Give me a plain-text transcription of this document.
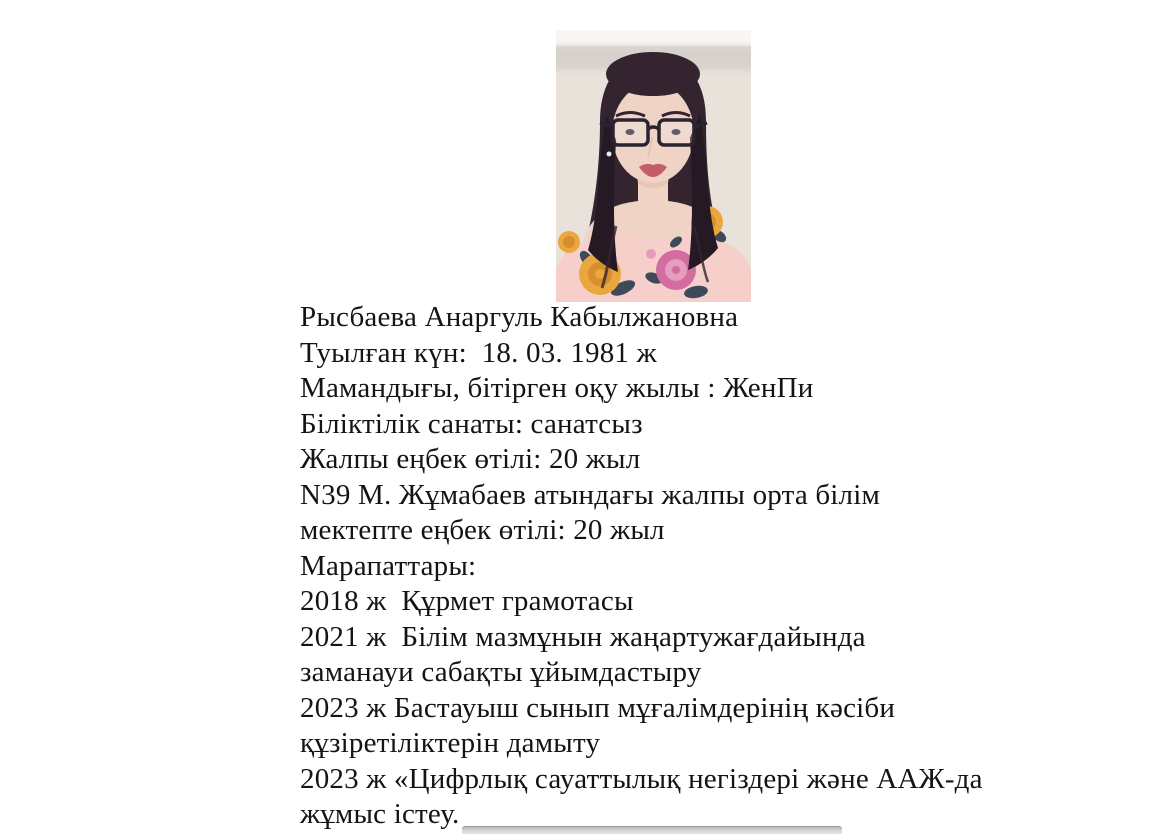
Рысбаева Анаргуль Кабылжановна
Туылған күн:  18. 03. 1981 ж
Мамандығы, бітірген оқу жылы : ЖенПи
Біліктілік санаты: санатсыз
Жалпы еңбек өтілі: 20 жыл
N39 М. Жұмабаев атындағы жалпы орта білім
мектепте еңбек өтілі: 20 жыл
Марапаттары:
2018 ж  Құрмет грамотасы
2021 ж  Білім мазмұнын жаңартужағдайында
заманауи сабақты ұйымдастыру
2023 ж Бастауыш сынып мұғалімдерінің кәсіби
құзіретіліктерін дамыту
2023 ж «Цифрлық сауаттылық негіздері және ААЖ-да
жұмыс істеу.
